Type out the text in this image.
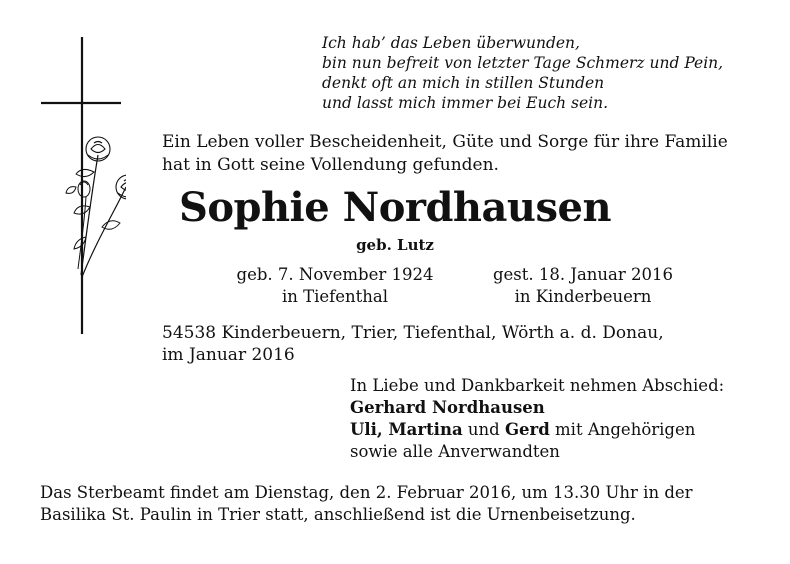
Ich hab’ das Leben überwunden,
bin nun befreit von letzter Tage Schmerz und Pein,
denkt oft an mich in stillen Stunden
und lasst mich immer bei Euch sein.
Ein Leben voller Bescheidenheit, Güte und Sorge für ihre Familie
hat in Gott seine Vollendung gefunden.
Sophie Nordhausen
geb. Lutz
geb. 7. November 1924
in Tiefenthal
gest. 18. Januar 2016
in Kinderbeuern
54538 Kinderbeuern, Trier, Tiefenthal, Wörth a. d. Donau,
im Januar 2016
In Liebe und Dankbarkeit nehmen Abschied:
Gerhard Nordhausen
Uli, Martina und Gerd mit Angehörigen
sowie alle Anverwandten
Das Sterbeamt findet am Dienstag, den 2. Februar 2016, um 13.30 Uhr in der
Basilika St. Paulin in Trier statt, anschließend ist die Urnenbeisetzung.
